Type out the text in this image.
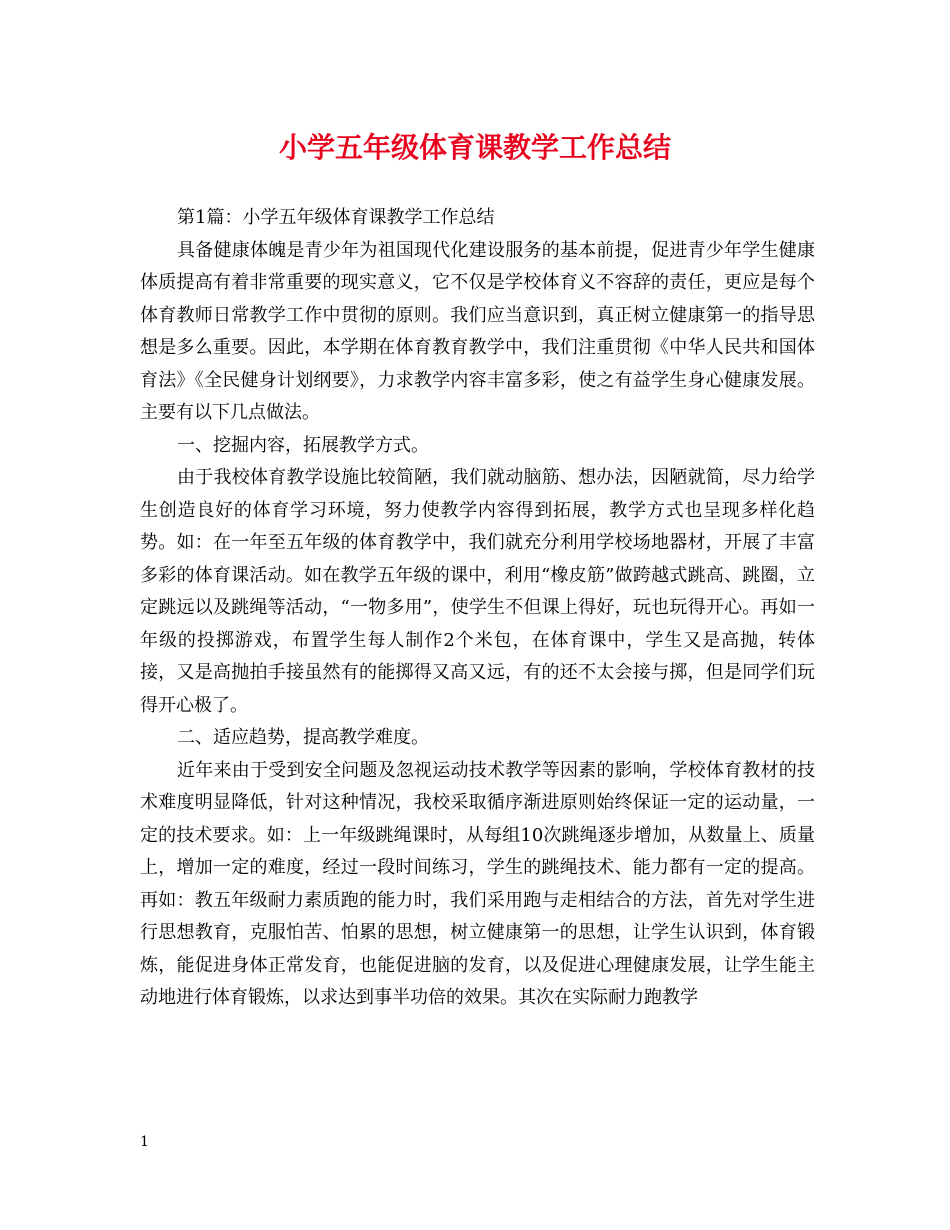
小学五年级体育课教学工作总结

第1篇：小学五年级体育课教学工作总结

具备健康体魄是青少年为祖国现代化建设服务的基本前提，促进青少年学生健康体质提高有着非常重要的现实意义，它不仅是学校体育义不容辞的责任，更应是每个体育教师日常教学工作中贯彻的原则。我们应当意识到，真正树立健康第一的指导思想是多么重要。因此，本学期在体育教育教学中，我们注重贯彻《中华人民共和国体育法》《全民健身计划纲要》，力求教学内容丰富多彩，使之有益学生身心健康发展。主要有以下几点做法。

一、挖掘内容，拓展教学方式。

由于我校体育教学设施比较简陋，我们就动脑筋、想办法，因陋就简，尽力给学生创造良好的体育学习环境，努力使教学内容得到拓展，教学方式也呈现多样化趋势。如：在一年至五年级的体育教学中，我们就充分利用学校场地器材，开展了丰富多彩的体育课活动。如在教学五年级的课中，利用“橡皮筋”做跨越式跳高、跳圈，立定跳远以及跳绳等活动，“一物多用”，使学生不但课上得好，玩也玩得开心。再如一年级的投掷游戏，布置学生每人制作2个米包，在体育课中，学生又是高抛，转体接，又是高抛拍手接虽然有的能掷得又高又远，有的还不太会接与掷，但是同学们玩得开心极了。

二、适应趋势，提高教学难度。

近年来由于受到安全问题及忽视运动技术教学等因素的影响，学校体育教材的技术难度明显降低，针对这种情况，我校采取循序渐进原则始终保证一定的运动量，一定的技术要求。如：上一年级跳绳课时，从每组10次跳绳逐步增加，从数量上、质量上，增加一定的难度，经过一段时间练习，学生的跳绳技术、能力都有一定的提高。再如：教五年级耐力素质跑的能力时，我们采用跑与走相结合的方法，首先对学生进行思想教育，克服怕苦、怕累的思想，树立健康第一的思想，让学生认识到，体育锻炼，能促进身体正常发育，也能促进脑的发育，以及促进心理健康发展，让学生能主动地进行体育锻炼，以求达到事半功倍的效果。其次在实际耐力跑教学

1
